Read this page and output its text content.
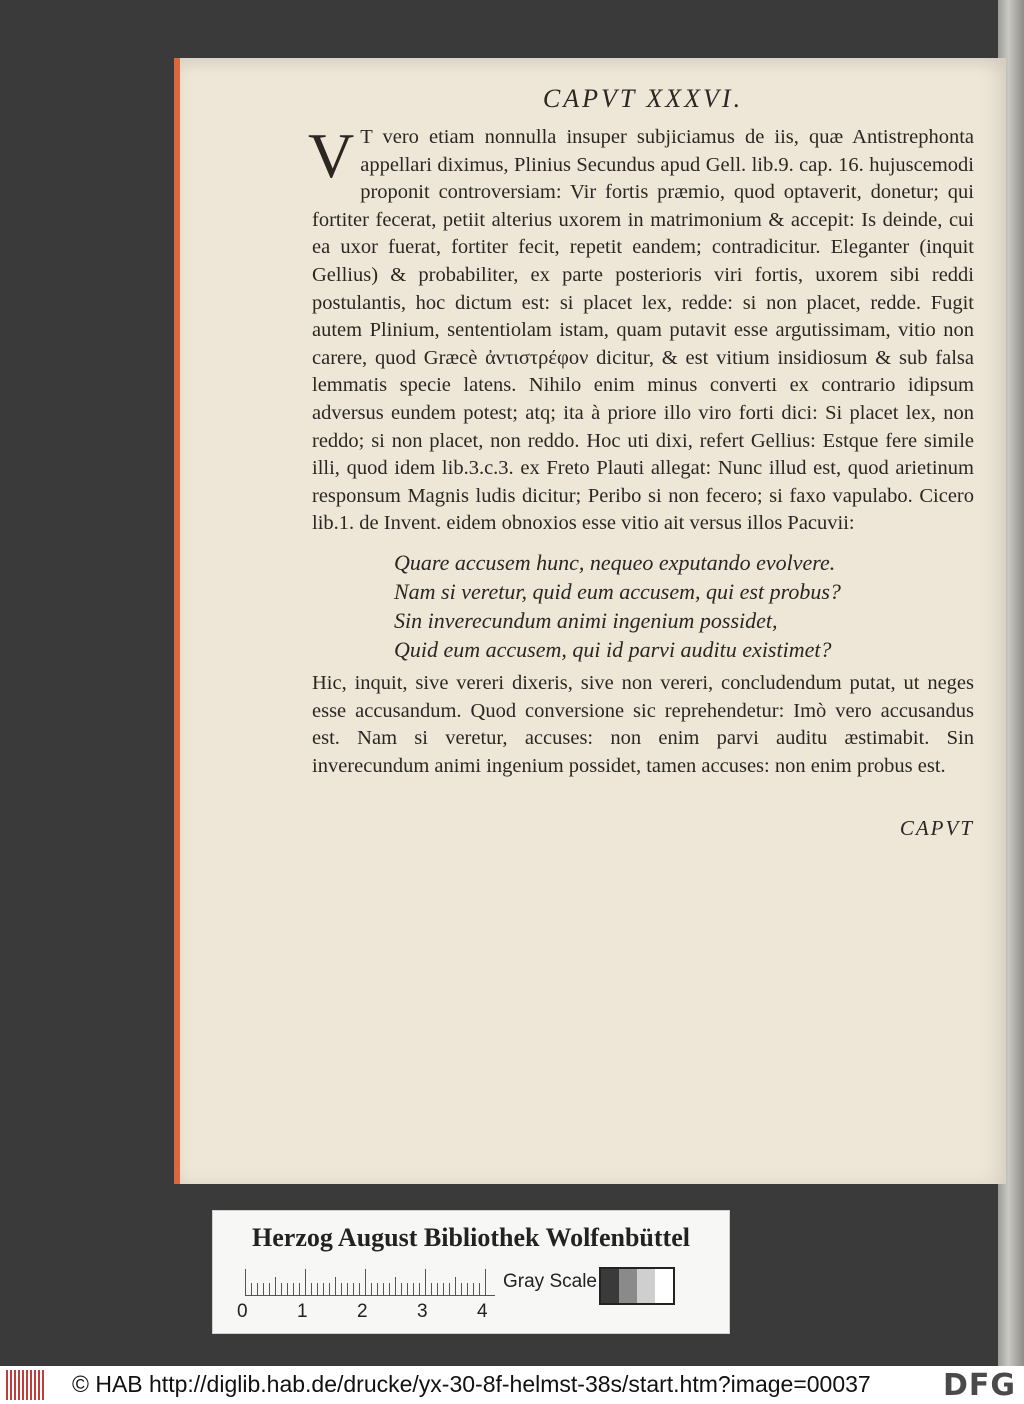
CAPVT XXXVI.

V T vero etiam nonnulla insuper subjiciamus de iis, quæ Antistrephonta appellari diximus, Plinius Secundus apud Gell. lib.9. cap. 16. hujuscemodi proponit controversiam: Vir fortis præmio, quod optaverit, donetur; qui fortiter fecerat, petiit alterius uxorem in matrimonium & accepit: Is deinde, cui ea uxor fuerat, fortiter fecit, repetit eandem; contradicitur. Eleganter (inquit Gellius) & probabiliter, ex parte posterioris viri fortis, uxorem sibi reddi postulantis, hoc dictum est: si placet lex, redde: si non placet, redde. Fugit autem Plinium, sententiolam istam, quam putavit esse argutissimam, vitio non carere, quod Græcè ἀντιστρέφον dicitur, & est vitium insidiosum & sub falsa lemmatis specie latens. Nihilo enim minus converti ex contrario idipsum adversus eundem potest; atq; ita à priore illo viro forti dici: Si placet lex, non reddo; si non placet, non reddo. Hoc uti dixi, refert Gellius: Estque fere simile illi, quod idem lib.3.c.3. ex Freto Plauti allegat: Nunc illud est, quod arietinum responsum Magnis ludis dicitur; Peribo si non fecero; si faxo vapulabo. Cicero lib.1. de Invent. eidem obnoxios esse vitio ait versus illos Pacuvii:

Quare accusem hunc, nequeo exputando evolvere.
Nam si veretur, quid eum accusem, qui est probus?
Sin inverecundum animi ingenium possidet,
Quid eum accusem, qui id parvi auditu existimet?

Hic, inquit, sive vereri dixeris, sive non vereri, concludendum putat, ut neges esse accusandum. Quod conversione sic reprehendetur: Imò vero accusandus est. Nam si veretur, accuses: non enim parvi auditu æstimabit. Sin inverecundum animi ingenium possidet, tamen accuses: non enim probus est.

CAPVT
Herzog August Bibliothek Wolfenbüttel
0	1	2	3	4
Gray Scale
© HAB http://diglib.hab.de/drucke/yx-30-8f-helmst-38s/start.htm?image=00037 DFG
